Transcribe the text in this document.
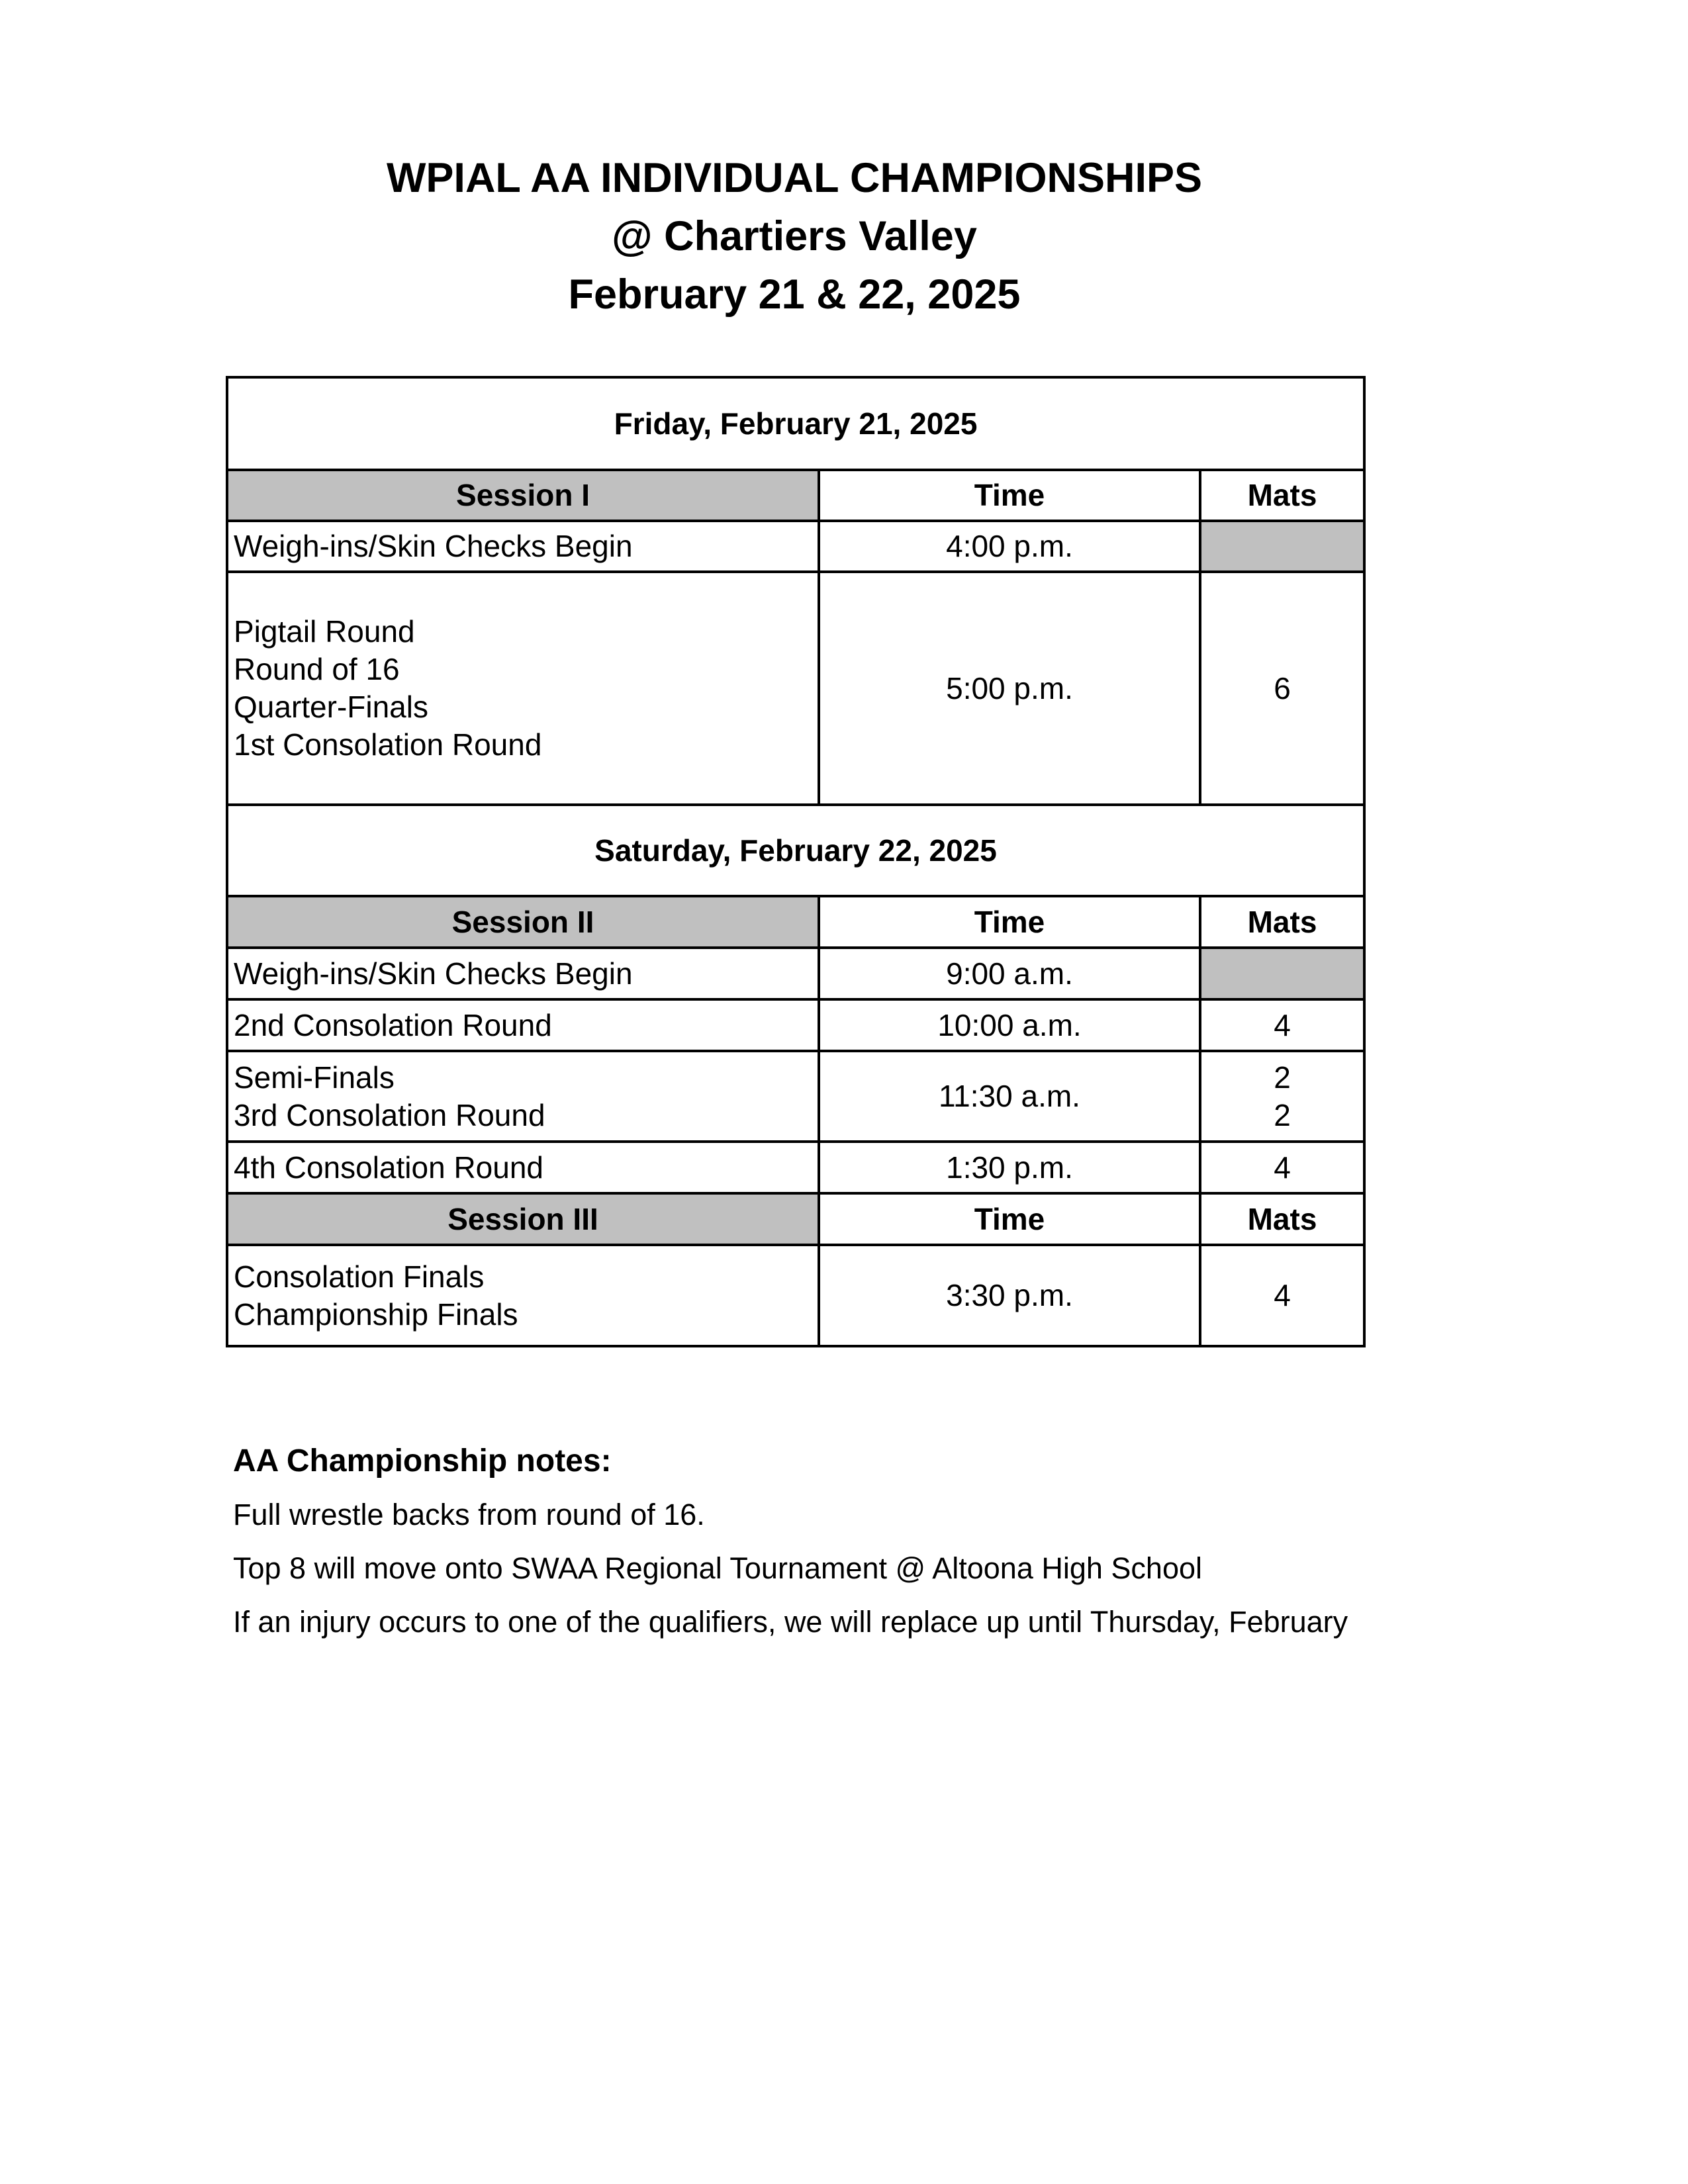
WPIAL AA INDIVIDUAL CHAMPIONSHIPS
@ Chartiers Valley
February 21 & 22, 2025
Friday, February 21, 2025		
Session I	Time	Mats

Weigh-ins/Skin Checks Begin	4:00 p.m.	

Pigtail Round
Round of 16
Quarter-Finals
1st Consolation Round	5:00 p.m.	6
Saturday, February 22, 2025		
Session II	Time	Mats

Weigh-ins/Skin Checks Begin	9:00 a.m.	

2nd Consolation Round	10:00 a.m.	4

Semi-Finals
3rd Consolation Round	11:30 a.m.	2
2

4th Consolation Round	1:30 p.m.	4
Session III	Time	Mats

Consolation Finals
Championship Finals	3:30 p.m.	4
AA Championship notes:
Full wrestle backs from round of 16.
Top 8 will move onto SWAA Regional Tournament @ Altoona High School
If an injury occurs to one of the qualifiers, we will replace up until Thursday, February
